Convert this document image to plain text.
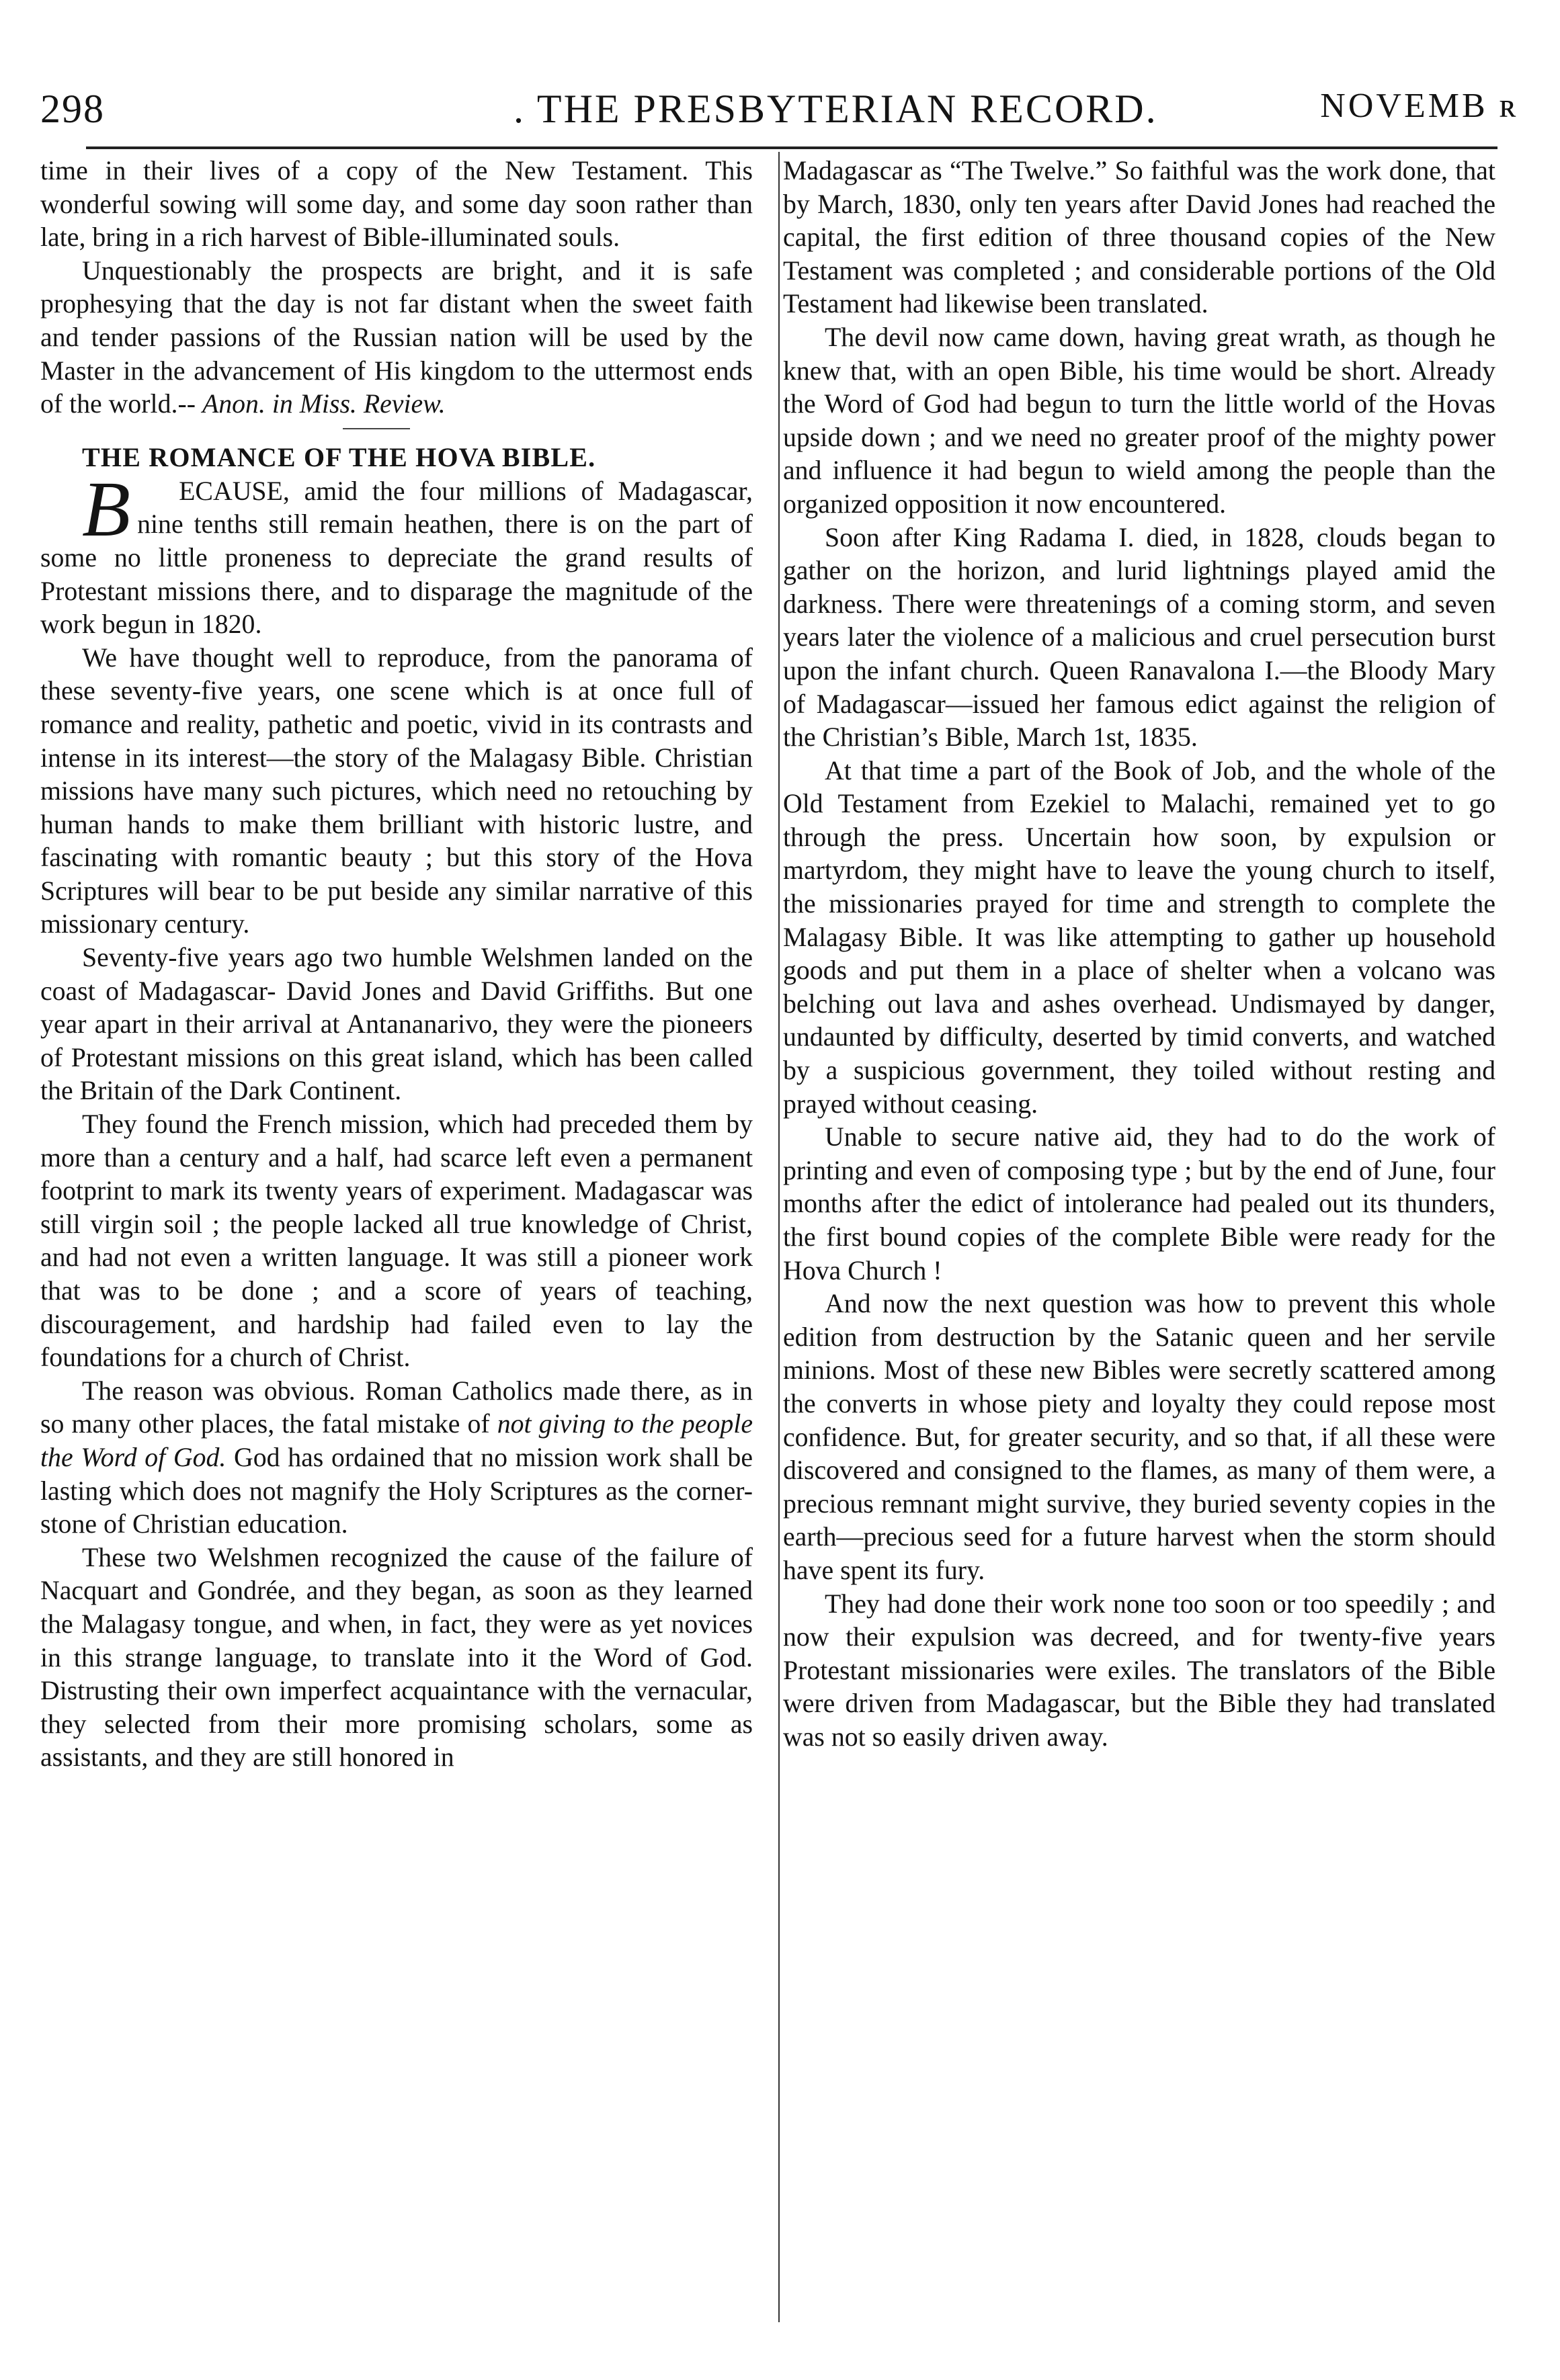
298	. THE PRESBYTERIAN RECORD.	NOVEMB ʀ

time in their lives of a copy of the New Testament. This wonderful sowing will some day, and some day soon rather than late, bring in a rich harvest of Bible-illuminated souls.

Unquestionably the prospects are bright, and it is safe prophesying that the day is not far distant when the sweet faith and tender passions of the Russian nation will be used by the Master in the advancement of His kingdom to the uttermost ends of the world.-- Anon. in Miss. Review.

THE ROMANCE OF THE HOVA BIBLE.

B ECAUSE, amid the four millions of Madagascar, nine tenths still remain heathen, there is on the part of some no little proneness to depreciate the grand results of Protestant missions there, and to disparage the magnitude of the work begun in 1820.

We have thought well to reproduce, from the panorama of these seventy-five years, one scene which is at once full of romance and reality, pathetic and poetic, vivid in its contrasts and intense in its interest—the story of the Malagasy Bible. Christian missions have many such pictures, which need no retouching by human hands to make them brilliant with historic lustre, and fascinating with romantic beauty ; but this story of the Hova Scriptures will bear to be put beside any similar narrative of this missionary century.

Seventy-five years ago two humble Welshmen landed on the coast of Madagascar- David Jones and David Griffiths. But one year apart in their arrival at Antananarivo, they were the pioneers of Protestant missions on this great island, which has been called the Britain of the Dark Continent.

They found the French mission, which had preceded them by more than a century and a half, had scarce left even a permanent footprint to mark its twenty years of experiment. Madagascar was still virgin soil ; the people lacked all true knowledge of Christ, and had not even a written language. It was still a pioneer work that was to be done ; and a score of years of teaching, discouragement, and hardship had failed even to lay the foundations for a church of Christ.

The reason was obvious. Roman Catholics made there, as in so many other places, the fatal mistake of not giving to the people the Word of God. God has ordained that no mission work shall be lasting which does not magnify the Holy Scriptures as the corner-stone of Christian education.

These two Welshmen recognized the cause of the failure of Nacquart and Gondrée, and they began, as soon as they learned the Malagasy tongue, and when, in fact, they were as yet novices in this strange language, to translate into it the Word of God. Distrusting their own imperfect acquaintance with the vernacular, they selected from their more promising scholars, some as assistants, and they are still honored in

Madagascar as “The Twelve.” So faithful was the work done, that by March, 1830, only ten years after David Jones had reached the capital, the first edition of three thousand copies of the New Testament was completed ; and considerable portions of the Old Testament had likewise been translated.

The devil now came down, having great wrath, as though he knew that, with an open Bible, his time would be short. Already the Word of God had begun to turn the little world of the Hovas upside down ; and we need no greater proof of the mighty power and influence it had begun to wield among the people than the organized opposition it now encountered.

Soon after King Radama I. died, in 1828, clouds began to gather on the horizon, and lurid lightnings played amid the darkness. There were threatenings of a coming storm, and seven years later the violence of a malicious and cruel persecution burst upon the infant church. Queen Ranavalona I.—the Bloody Mary of Madagascar—issued her famous edict against the religion of the Christian’s Bible, March 1st, 1835.

At that time a part of the Book of Job, and the whole of the Old Testament from Ezekiel to Malachi, remained yet to go through the press. Uncertain how soon, by expulsion or martyrdom, they might have to leave the young church to itself, the missionaries prayed for time and strength to complete the Malagasy Bible. It was like attempting to gather up household goods and put them in a place of shelter when a volcano was belching out lava and ashes overhead. Undismayed by danger, undaunted by difficulty, deserted by timid converts, and watched by a suspicious government, they toiled without resting and prayed without ceasing.

Unable to secure native aid, they had to do the work of printing and even of composing type ; but by the end of June, four months after the edict of intolerance had pealed out its thunders, the first bound copies of the complete Bible were ready for the Hova Church !

And now the next question was how to prevent this whole edition from destruction by the Satanic queen and her servile minions. Most of these new Bibles were secretly scattered among the converts in whose piety and loyalty they could repose most confidence. But, for greater security, and so that, if all these were discovered and consigned to the flames, as many of them were, a precious remnant might survive, they buried seventy copies in the earth—precious seed for a future harvest when the storm should have spent its fury.

They had done their work none too soon or too speedily ; and now their expulsion was decreed, and for twenty-five years Protestant missionaries were exiles. The translators of the Bible were driven from Madagascar, but the Bible they had translated was not so easily driven away.
